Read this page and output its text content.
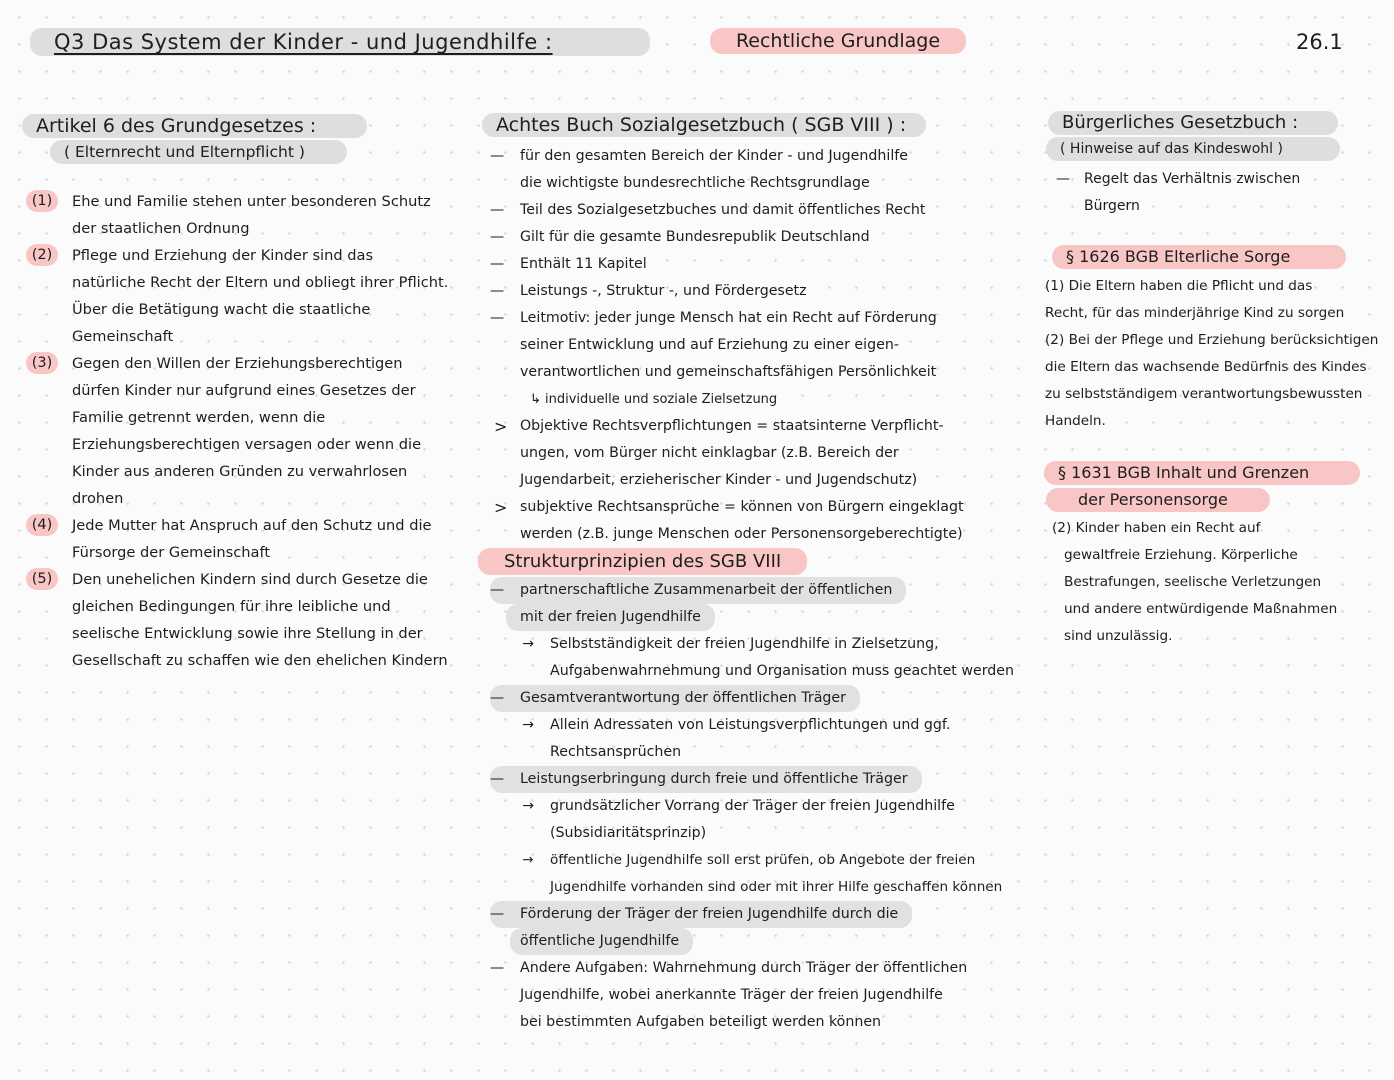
Q3 Das System der Kinder - und Jugendhilfe :	Rechtliche Grundlage	26.1
Artikel 6 des Grundgesetzes :
( Elternrecht und Elternpflicht )
(1)	Ehe und Familie stehen unter besonderen Schutz der staatlichen Ordnung
(2)	Pflege und Erziehung der Kinder sind das natürliche Recht der Eltern und obliegt ihrer Pflicht. Über die Betätigung wacht die staatliche Gemeinschaft
(3)	Gegen den Willen der Erziehungsberechtigen dürfen Kinder nur aufgrund eines Gesetzes der Familie getrennt werden, wenn die Erziehungsberechtigen versagen oder wenn die Kinder aus anderen Gründen zu verwahrlosen drohen
(4)	Jede Mutter hat Anspruch auf den Schutz und die Fürsorge der Gemeinschaft
(5)	Den unehelichen Kindern sind durch Gesetze die gleichen Bedingungen für ihre leibliche und seelische Entwicklung sowie ihre Stellung in der Gesellschaft zu schaffen wie den ehelichen Kindern
Achtes Buch Sozialgesetzbuch ( SGB VIII ) :
— für den gesamten Bereich der Kinder - und Jugendhilfe
die wichtigste bundesrechtliche Rechtsgrundlage
— Teil des Sozialgesetzbuches und damit öffentliches Recht
— Gilt für die gesamte Bundesrepublik Deutschland
— Enthält 11 Kapitel
— Leistungs -, Struktur -, und Fördergesetz
— Leitmotiv: jeder junge Mensch hat ein Recht auf Förderung
seiner Entwicklung und auf Erziehung zu einer eigen-
verantwortlichen und gemeinschaftsfähigen Persönlichkeit
↳ individuelle und soziale Zielsetzung
> Objektive Rechtsverpflichtungen = staatsinterne Verpflicht-
ungen, vom Bürger nicht einklagbar (z.B. Bereich der
Jugendarbeit, erzieherischer Kinder - und Jugendschutz)
> subjektive Rechtsansprüche = können von Bürgern eingeklagt
werden (z.B. junge Menschen oder Personensorgeberechtigte)
Strukturprinzipien des SGB VIII
— partnerschaftliche Zusammenarbeit der öffentlichen
mit der freien Jugendhilfe
→ Selbstständigkeit der freien Jugendhilfe in Zielsetzung,
Aufgabenwahrnehmung und Organisation muss geachtet werden
— Gesamtverantwortung der öffentlichen Träger
→ Allein Adressaten von Leistungsverpflichtungen und ggf.
Rechtsansprüchen
— Leistungserbringung durch freie und öffentliche Träger
→ grundsätzlicher Vorrang der Träger der freien Jugendhilfe
(Subsidiaritätsprinzip)
→ öffentliche Jugendhilfe soll erst prüfen, ob Angebote der freien
Jugendhilfe vorhanden sind oder mit ihrer Hilfe geschaffen können
— Förderung der Träger der freien Jugendhilfe durch die
öffentliche Jugendhilfe
— Andere Aufgaben: Wahrnehmung durch Träger der öffentlichen
Jugendhilfe, wobei anerkannte Träger der freien Jugendhilfe
bei bestimmten Aufgaben beteiligt werden können
Bürgerliches Gesetzbuch :
( Hinweise auf das Kindeswohl )
— Regelt das Verhältnis zwischen
Bürgern
§ 1626 BGB Elterliche Sorge
(1) Die Eltern haben die Pflicht und das
Recht, für das minderjährige Kind zu sorgen
(2) Bei der Pflege und Erziehung berücksichtigen
die Eltern das wachsende Bedürfnis des Kindes
zu selbstständigem verantwortungsbewussten
Handeln.
§ 1631 BGB Inhalt und Grenzen
der Personensorge
(2) Kinder haben ein Recht auf
gewaltfreie Erziehung. Körperliche
Bestrafungen, seelische Verletzungen
und andere entwürdigende Maßnahmen
sind unzulässig.
